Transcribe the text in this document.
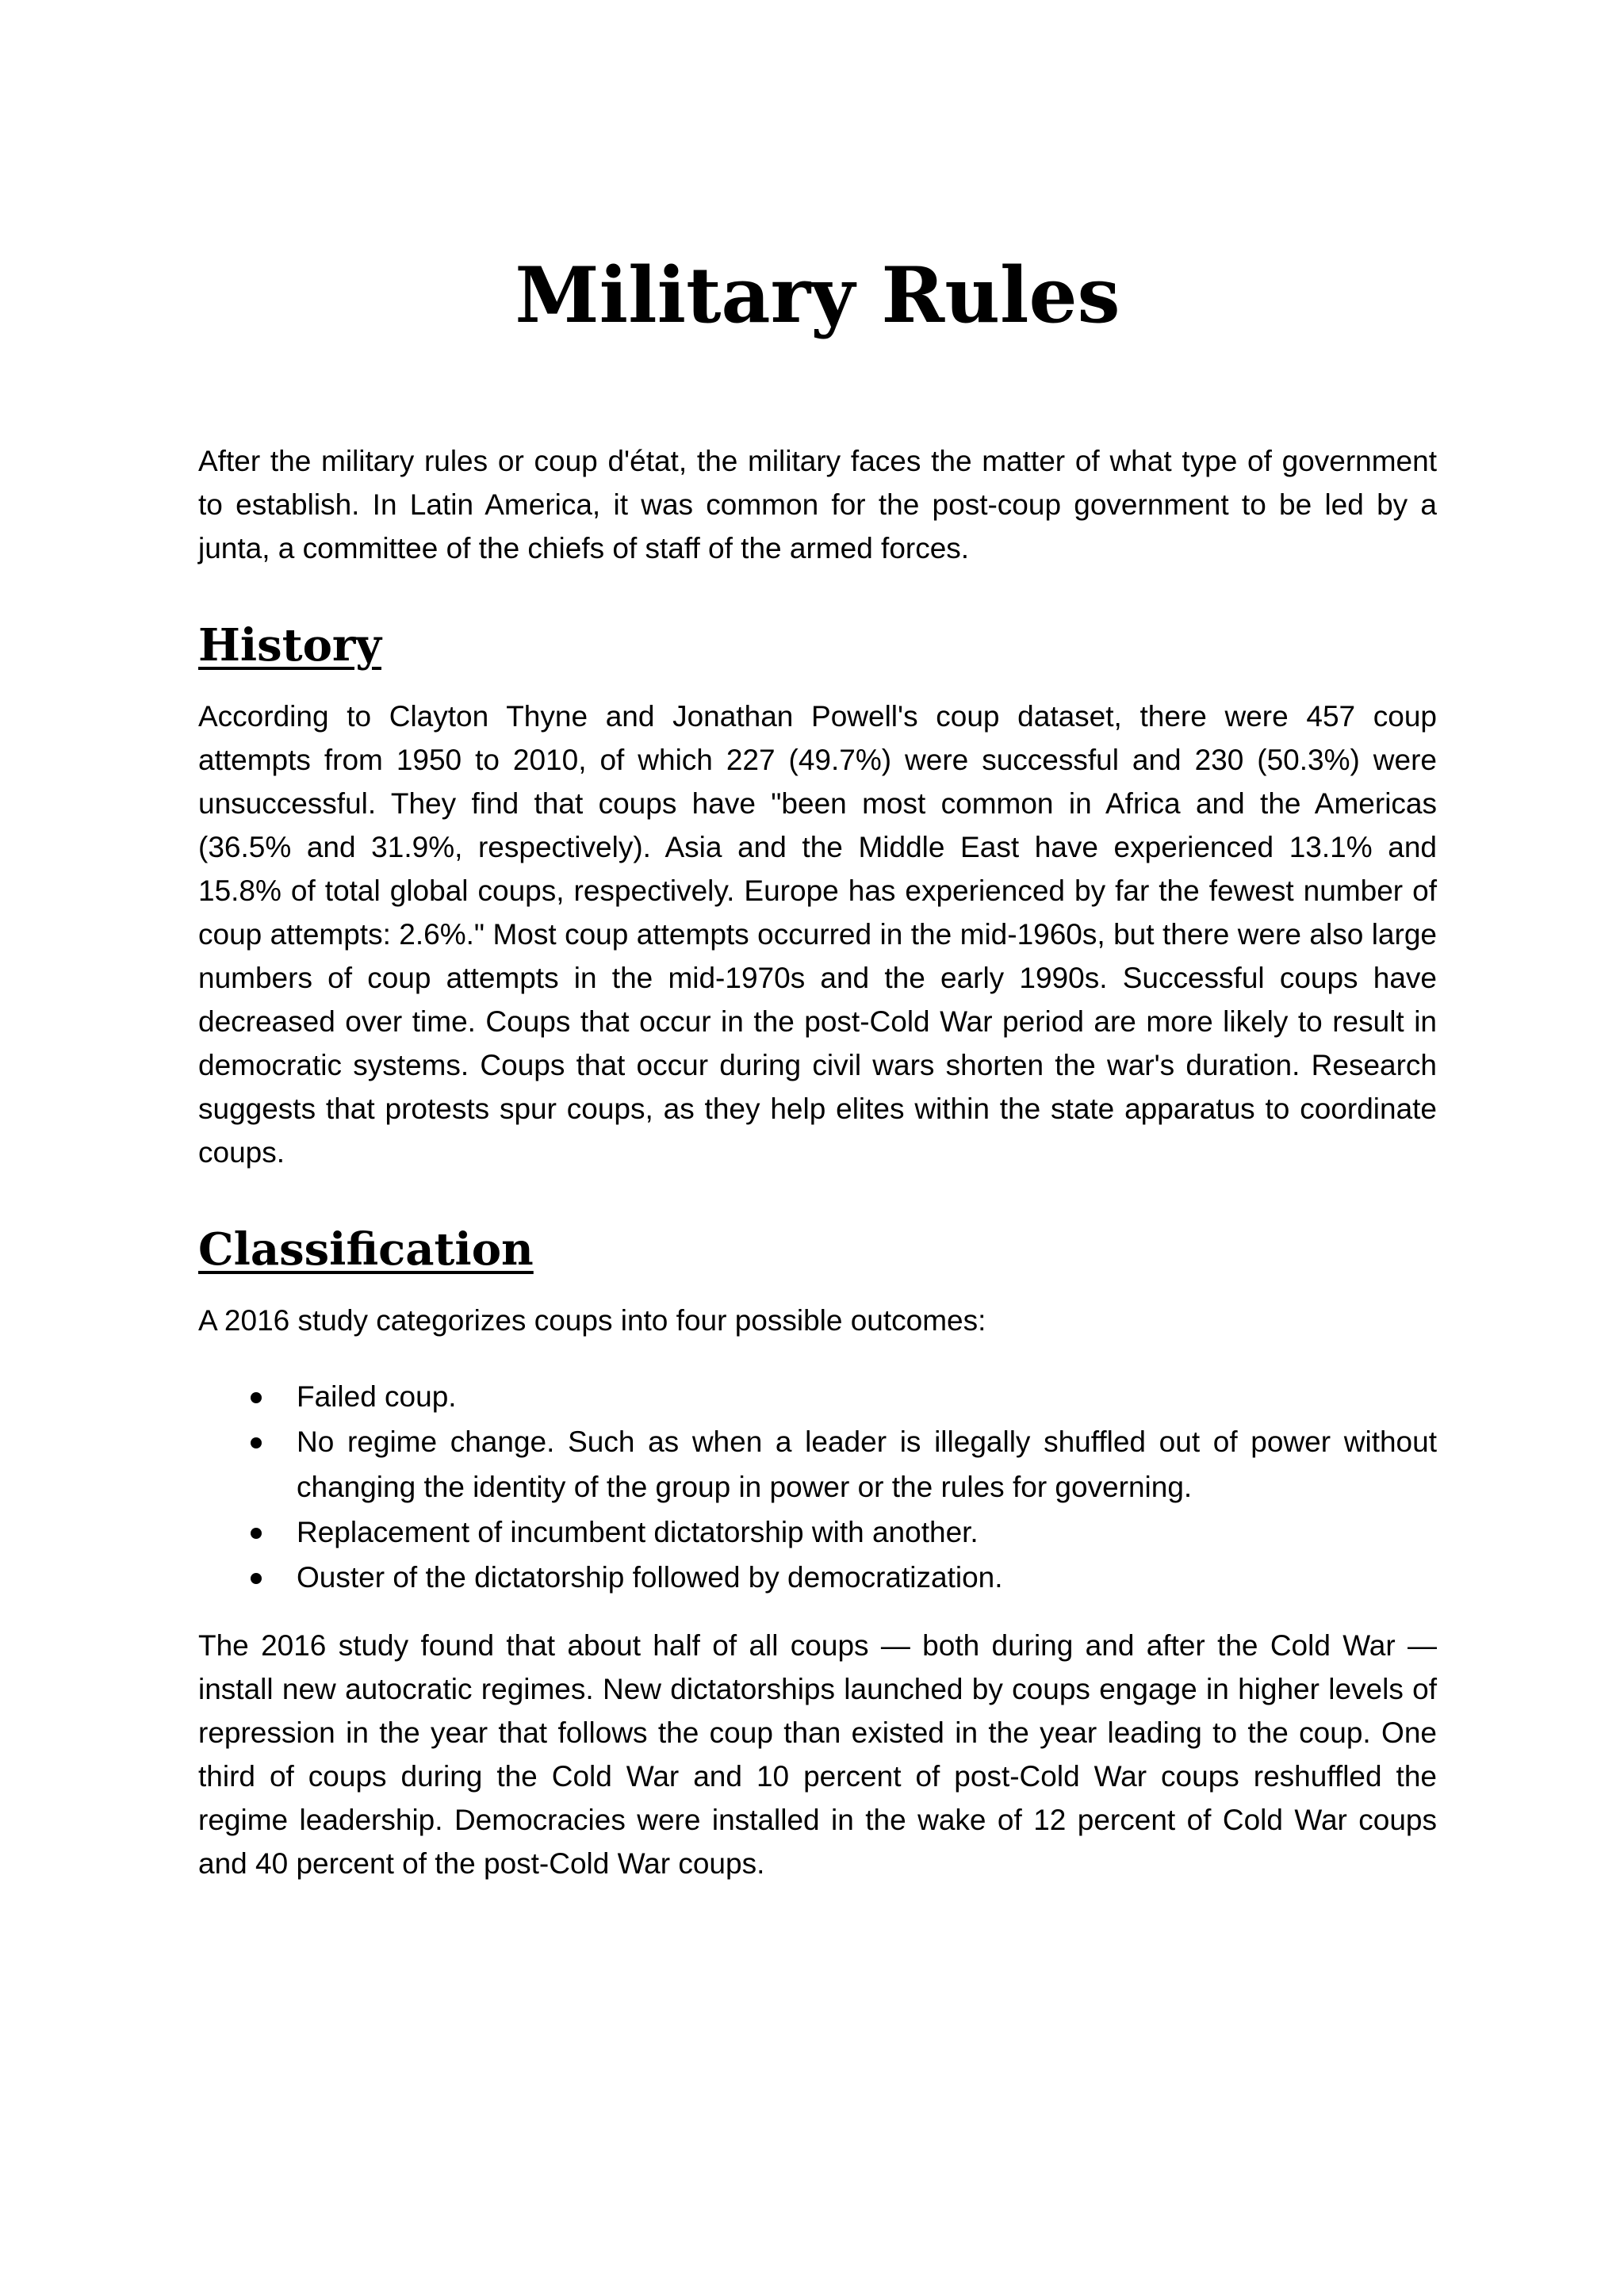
Military Rules

After the military rules or coup d'état, the military faces the matter of what type of government to establish. In Latin America, it was common for the post-coup government to be led by a junta, a committee of the chiefs of staff of the armed forces.

History

According to Clayton Thyne and Jonathan Powell's coup dataset, there were 457 coup attempts from 1950 to 2010, of which 227 (49.7%) were successful and 230 (50.3%) were unsuccessful. They find that coups have "been most common in Africa and the Americas (36.5% and 31.9%, respectively). Asia and the Middle East have experienced 13.1% and 15.8% of total global coups, respectively. Europe has experienced by far the fewest number of coup attempts: 2.6%." Most coup attempts occurred in the mid-1960s, but there were also large numbers of coup attempts in the mid-1970s and the early 1990s. Successful coups have decreased over time. Coups that occur in the post-Cold War period are more likely to result in democratic systems. Coups that occur during civil wars shorten the war's duration. Research suggests that protests spur coups, as they help elites within the state apparatus to coordinate coups.

Classification

A 2016 study categorizes coups into four possible outcomes:

Failed coup.
No regime change. Such as when a leader is illegally shuffled out of power without changing the identity of the group in power or the rules for governing.
Replacement of incumbent dictatorship with another.
Ouster of the dictatorship followed by democratization.

The 2016 study found that about half of all coups — both during and after the Cold War — install new autocratic regimes. New dictatorships launched by coups engage in higher levels of repression in the year that follows the coup than existed in the year leading to the coup. One third of coups during the Cold War and 10 percent of post-Cold War coups reshuffled the regime leadership. Democracies were installed in the wake of 12 percent of Cold War coups and 40 percent of the post-Cold War coups.
